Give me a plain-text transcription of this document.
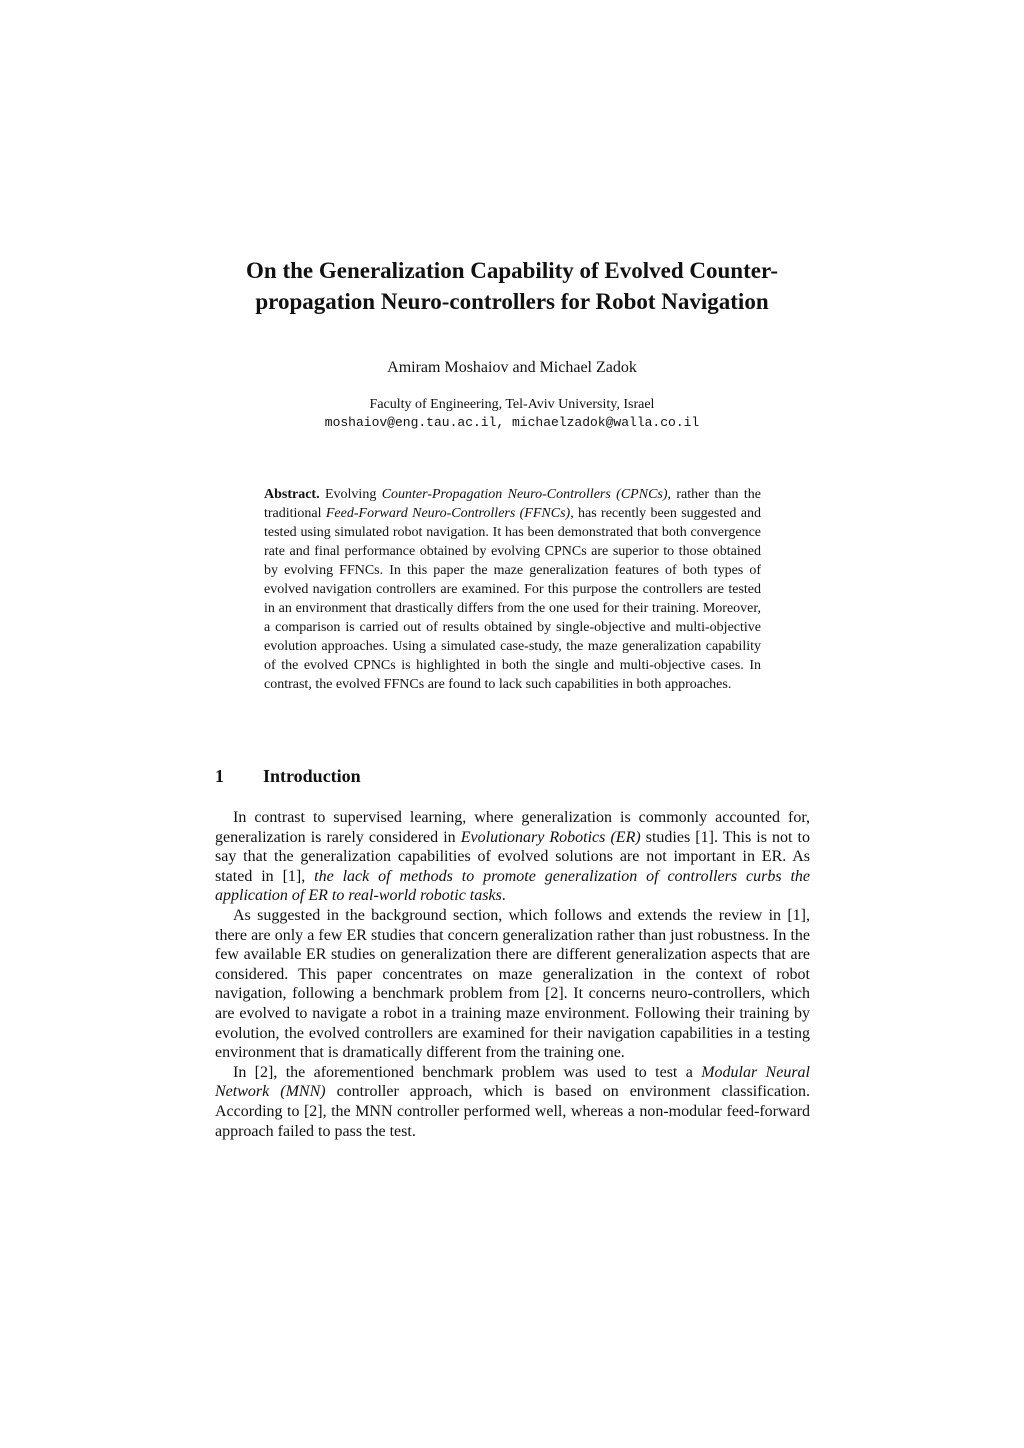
On the Generalization Capability of Evolved Counter-
propagation Neuro-controllers for Robot Navigation
Amiram Moshaiov and Michael Zadok
Faculty of Engineering, Tel-Aviv University, Israel
moshaiov@eng.tau.ac.il, michaelzadok@walla.co.il

Abstract. Evolving Counter-Propagation Neuro-Controllers (CPNCs), rather than the traditional Feed-Forward Neuro-Controllers (FFNCs), has recently been suggested and tested using simulated robot navigation. It has been demonstrated that both convergence rate and final performance obtained by evolving CPNCs are superior to those obtained by evolving FFNCs. In this paper the maze generalization features of both types of evolved navigation controllers are examined. For this purpose the controllers are tested in an environment that drastically differs from the one used for their training. Moreover, a comparison is carried out of results obtained by single-objective and multi-objective evolution approaches. Using a simulated case-study, the maze generalization capability of the evolved CPNCs is highlighted in both the single and multi-objective cases. In contrast, the evolved FFNCs are found to lack such capabilities in both approaches.

1 Introduction

In contrast to supervised learning, where generalization is commonly accounted for, generalization is rarely considered in Evolutionary Robotics (ER) studies [1]. This is not to say that the generalization capabilities of evolved solutions are not important in ER. As stated in [1], the lack of methods to promote generalization of controllers curbs the application of ER to real-world robotic tasks.

As suggested in the background section, which follows and extends the review in [1], there are only a few ER studies that concern generalization rather than just robustness. In the few available ER studies on generalization there are different generalization aspects that are considered. This paper concentrates on maze generalization in the context of robot navigation, following a benchmark problem from [2]. It concerns neuro-controllers, which are evolved to navigate a robot in a training maze environment. Following their training by evolution, the evolved controllers are examined for their navigation capabilities in a testing environment that is dramatically different from the training one.

In [2], the aforementioned benchmark problem was used to test a Modular Neural Network (MNN) controller approach, which is based on environment classification. According to [2], the MNN controller performed well, whereas a non-modular feed-forward approach failed to pass the test.
